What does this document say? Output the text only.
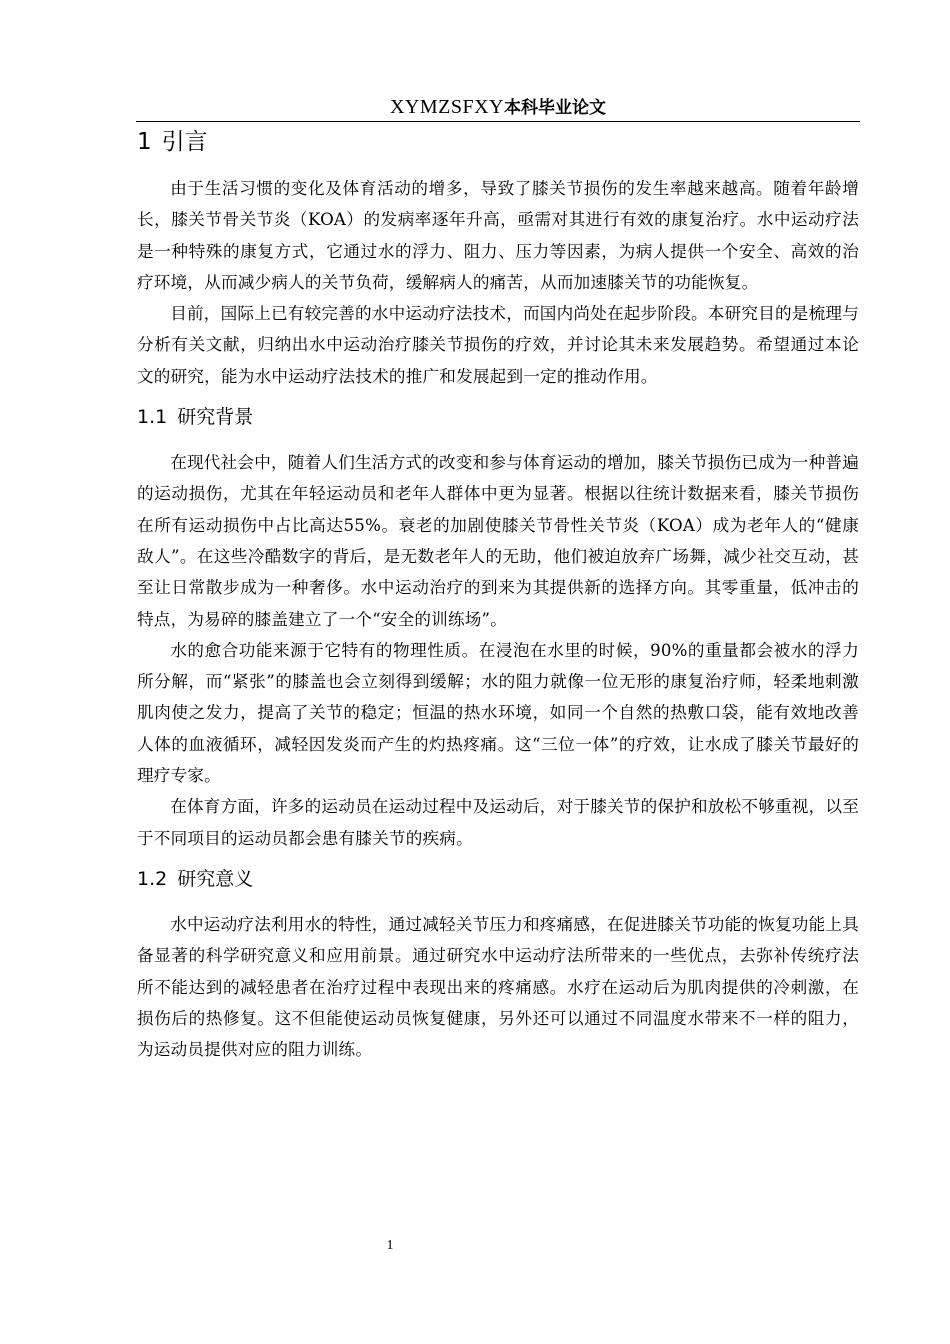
XYMZSFXY本科毕业论文
1 引言

由于生活习惯的变化及体育活动的增多，导致了膝关节损伤的发生率越来越高。随着年龄增长，膝关节骨关节炎（KOA）的发病率逐年升高，亟需对其进行有效的康复治疗。水中运动疗法是一种特殊的康复方式，它通过水的浮力、阻力、压力等因素，为病人提供一个安全、高效的治疗环境，从而减少病人的关节负荷，缓解病人的痛苦，从而加速膝关节的功能恢复。

目前，国际上已有较完善的水中运动疗法技术，而国内尚处在起步阶段。本研究目的是梳理与分析有关文献，归纳出水中运动治疗膝关节损伤的疗效，并讨论其未来发展趋势。希望通过本论文的研究，能为水中运动疗法技术的推广和发展起到一定的推动作用。

1.1 研究背景

在现代社会中，随着人们生活方式的改变和参与体育运动的增加，膝关节损伤已成为一种普遍的运动损伤，尤其在年轻运动员和老年人群体中更为显著。根据以往统计数据来看，膝关节损伤在所有运动损伤中占比高达55%。衰老的加剧使膝关节骨性关节炎（KOA）成为老年人的“健康敌人”。在这些冷酷数字的背后，是无数老年人的无助，他们被迫放弃广场舞，减少社交互动，甚至让日常散步成为一种奢侈。水中运动治疗的到来为其提供新的选择方向。其零重量，低冲击的特点，为易碎的膝盖建立了一个“安全的训练场”。

水的愈合功能来源于它特有的物理性质。在浸泡在水里的时候，90%的重量都会被水的浮力所分解，而“紧张”的膝盖也会立刻得到缓解；水的阻力就像一位无形的康复治疗师，轻柔地刺激肌肉使之发力，提高了关节的稳定；恒温的热水环境，如同一个自然的热敷口袋，能有效地改善人体的血液循环，减轻因发炎而产生的灼热疼痛。这“三位一体”的疗效，让水成了膝关节最好的理疗专家。

在体育方面，许多的运动员在运动过程中及运动后，对于膝关节的保护和放松不够重视，以至于不同项目的运动员都会患有膝关节的疾病。

1.2 研究意义

水中运动疗法利用水的特性，通过减轻关节压力和疼痛感，在促进膝关节功能的恢复功能上具备显著的科学研究意义和应用前景。通过研究水中运动疗法所带来的一些优点，去弥补传统疗法所不能达到的减轻患者在治疗过程中表现出来的疼痛感。水疗在运动后为肌肉提供的冷刺激，在损伤后的热修复。这不但能使运动员恢复健康，另外还可以通过不同温度水带来不一样的阻力，为运动员提供对应的阻力训练。

1
